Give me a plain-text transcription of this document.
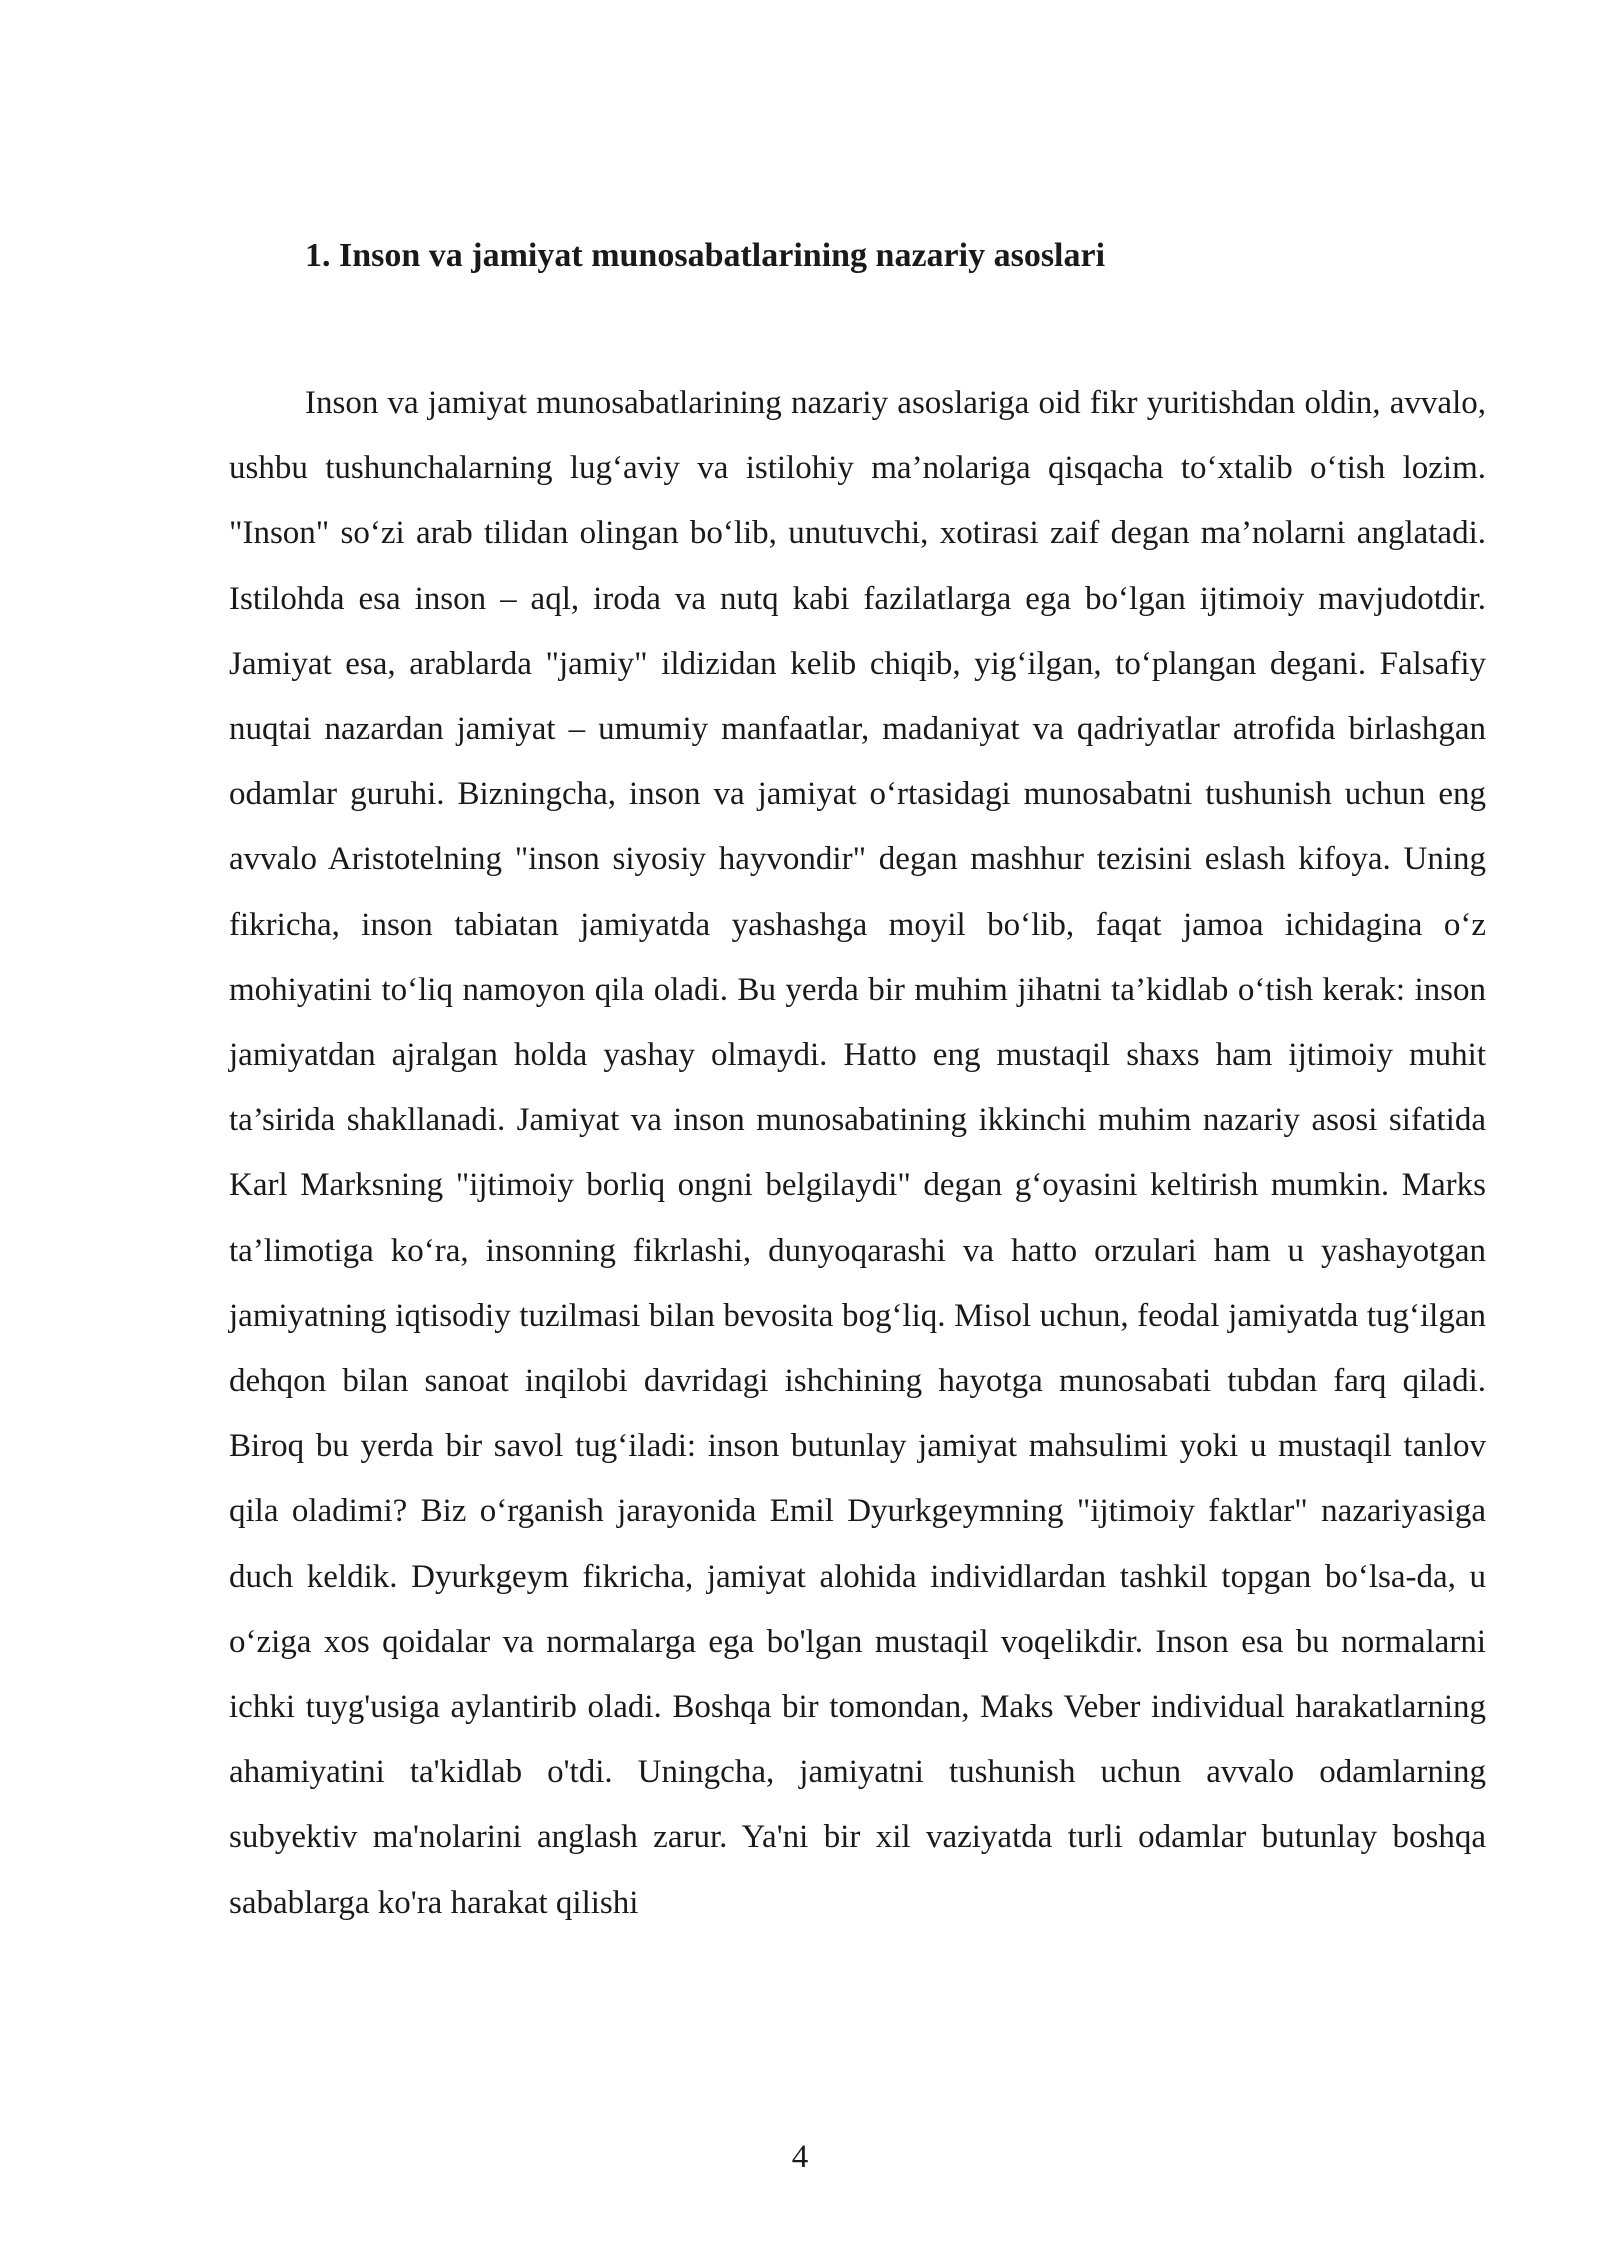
1. Inson va jamiyat munosabatlarining nazariy asoslari

Inson va jamiyat munosabatlarining nazariy asoslariga oid fikr yuritishdan oldin, avvalo, ushbu tushunchalarning lug‘aviy va istilohiy ma’nolariga qisqacha to‘xtalib o‘tish lozim. "Inson" so‘zi arab tilidan olingan bo‘lib, unutuvchi, xotirasi zaif degan ma’nolarni anglatadi. Istilohda esa inson – aql, iroda va nutq kabi fazilatlarga ega bo‘lgan ijtimoiy mavjudotdir. Jamiyat esa, arablarda "jamiy" ildizidan kelib chiqib, yig‘ilgan, to‘plangan degani. Falsafiy nuqtai nazardan jamiyat – umumiy manfaatlar, madaniyat va qadriyatlar atrofida birlashgan odamlar guruhi. Bizningcha, inson va jamiyat o‘rtasidagi munosabatni tushunish uchun eng avvalo Aristotelning "inson siyosiy hayvondir" degan mashhur tezisini eslash kifoya. Uning fikricha, inson tabiatan jamiyatda yashashga moyil bo‘lib, faqat jamoa ichidagina o‘z mohiyatini to‘liq namoyon qila oladi. Bu yerda bir muhim jihatni ta’kidlab o‘tish kerak: inson jamiyatdan ajralgan holda yashay olmaydi. Hatto eng mustaqil shaxs ham ijtimoiy muhit ta’sirida shakllanadi. Jamiyat va inson munosabatining ikkinchi muhim nazariy asosi sifatida Karl Marksning "ijtimoiy borliq ongni belgilaydi" degan g‘oyasini keltirish mumkin. Marks ta’limotiga ko‘ra, insonning fikrlashi, dunyoqarashi va hatto orzulari ham u yashayotgan jamiyatning iqtisodiy tuzilmasi bilan bevosita bog‘liq. Misol uchun, feodal jamiyatda tug‘ilgan dehqon bilan sanoat inqilobi davridagi ishchining hayotga munosabati tubdan farq qiladi. Biroq bu yerda bir savol tug‘iladi: inson butunlay jamiyat mahsulimi yoki u mustaqil tanlov qila oladimi? Biz o‘rganish jarayonida Emil Dyurkgeymning "ijtimoiy faktlar" nazariyasiga duch keldik. Dyurkgeym fikricha, jamiyat alohida individlardan tashkil topgan bo‘lsa-da, u o‘ziga xos qoidalar va normalarga ega bo'lgan mustaqil voqelikdir. Inson esa bu normalarni ichki tuyg'usiga aylantirib oladi. Boshqa bir tomondan, Maks Veber individual harakatlarning ahamiyatini ta'kidlab o'tdi. Uningcha, jamiyatni tushunish uchun avvalo odamlarning subyektiv ma'nolarini anglash zarur. Ya'ni bir xil vaziyatda turli odamlar butunlay boshqa sabablarga ko'ra harakat qilishi

4
